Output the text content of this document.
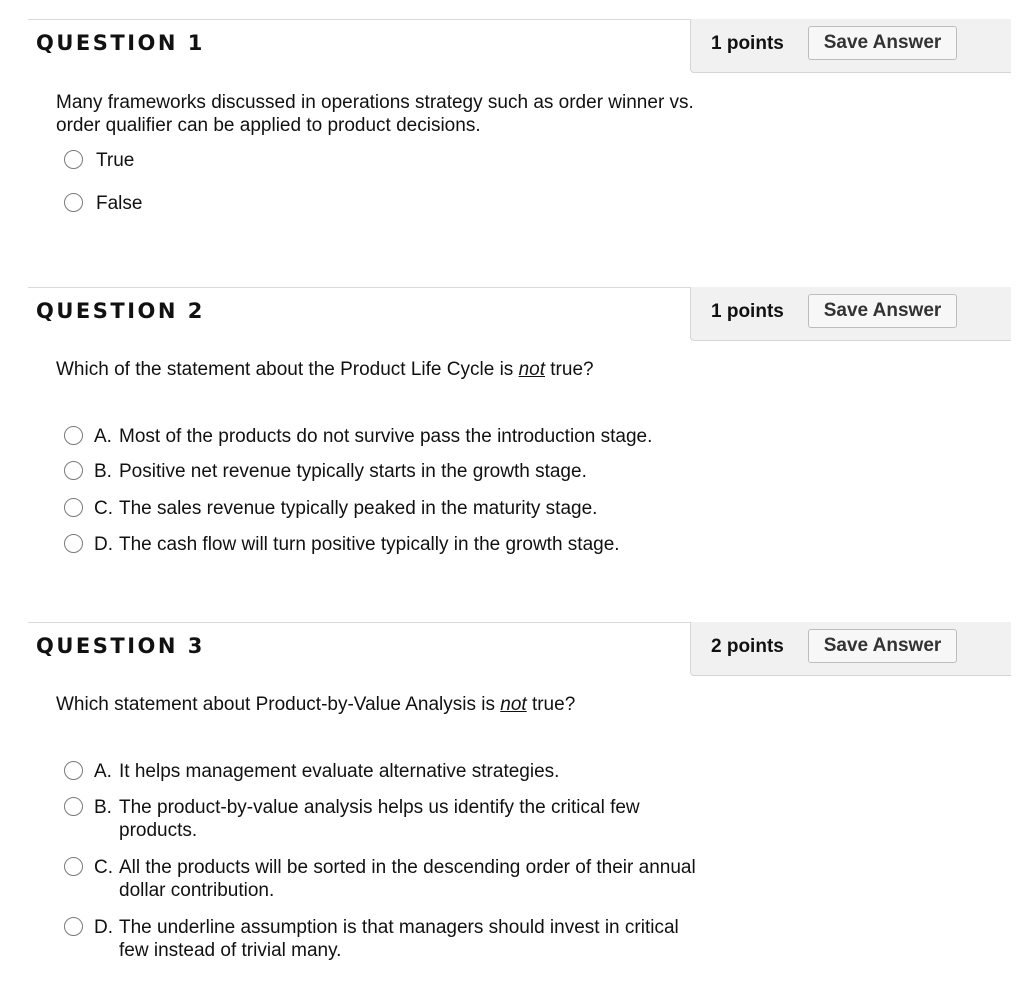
QUESTION 1	1 points	Save Answer
Many frameworks discussed in operations strategy such as order winner vs.
order qualifier can be applied to product decisions.
True
False
QUESTION 2	1 points	Save Answer
Which of the statement about the Product Life Cycle is not true?
A. Most of the products do not survive pass the introduction stage.
B. Positive net revenue typically starts in the growth stage.
C. The sales revenue typically peaked in the maturity stage.
D. The cash flow will turn positive typically in the growth stage.
QUESTION 3	2 points	Save Answer
Which statement about Product-by-Value Analysis is not true?
A. It helps management evaluate alternative strategies.
B. The product-by-value analysis helps us identify the critical few
products.
C. All the products will be sorted in the descending order of their annual
dollar contribution.
D. The underline assumption is that managers should invest in critical
few instead of trivial many.
